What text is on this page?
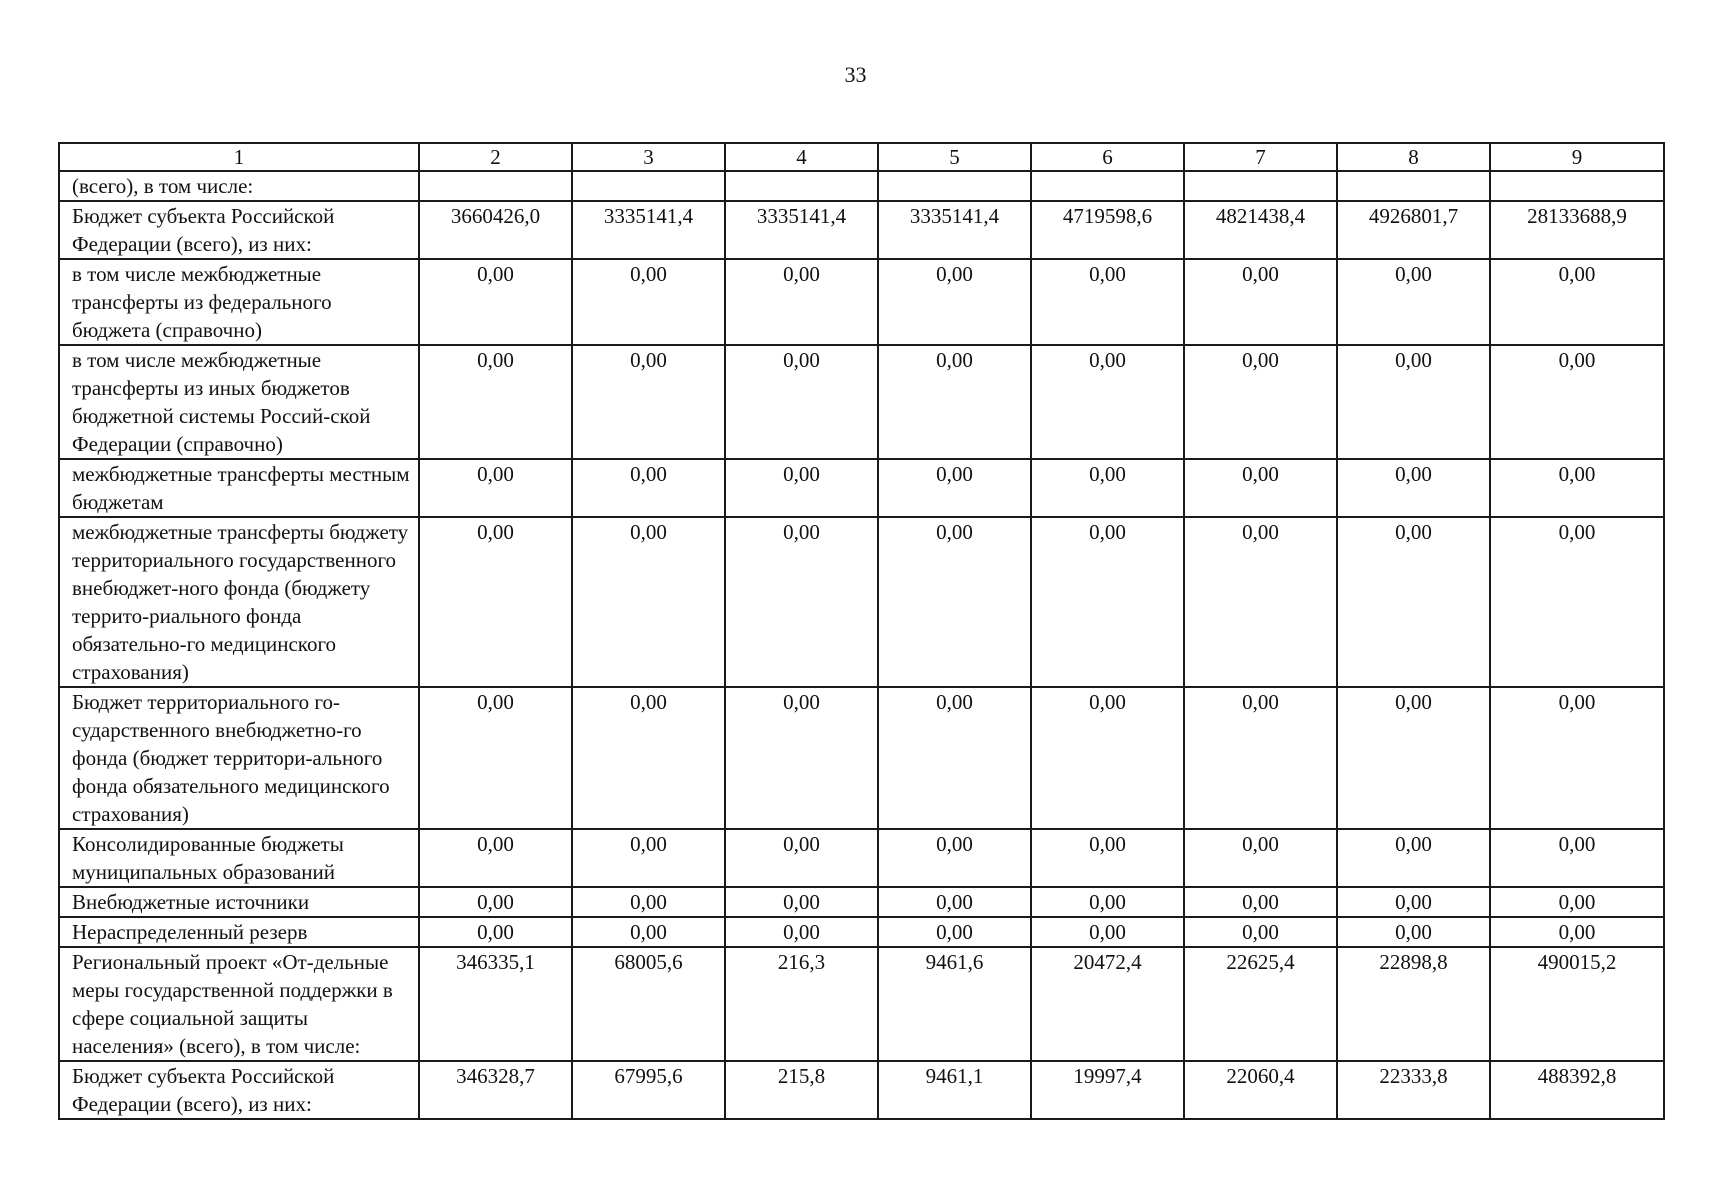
33
1	2	3	4	5	6	7	8	9
(всего), в том числе:								
Бюджет субъекта Российской Федерации (всего), из них:	3660426,0	3335141,4	3335141,4	3335141,4	4719598,6	4821438,4	4926801,7	28133688,9
в том числе межбюджетные трансферты из федерального бюджета (справочно)	0,00	0,00	0,00	0,00	0,00	0,00	0,00	0,00
в том числе межбюджетные трансферты из иных бюджетов бюджетной системы Россий-ской Федерации (справочно)	0,00	0,00	0,00	0,00	0,00	0,00	0,00	0,00
межбюджетные трансферты местным бюджетам	0,00	0,00	0,00	0,00	0,00	0,00	0,00	0,00
межбюджетные трансферты бюджету территориального государственного внебюджет-ного фонда (бюджету террито-риального фонда обязательно-го медицинского страхования)	0,00	0,00	0,00	0,00	0,00	0,00	0,00	0,00
Бюджет территориального го-сударственного внебюджетно-го фонда (бюджет территори-ального фонда обязательного медицинского страхования)	0,00	0,00	0,00	0,00	0,00	0,00	0,00	0,00
Консолидированные бюджеты муниципальных образований	0,00	0,00	0,00	0,00	0,00	0,00	0,00	0,00
Внебюджетные источники	0,00	0,00	0,00	0,00	0,00	0,00	0,00	0,00
Нераспределенный резерв	0,00	0,00	0,00	0,00	0,00	0,00	0,00	0,00
Региональный проект «От-дельные меры государственной поддержки в сфере социальной защиты населения» (всего), в том числе:	346335,1	68005,6	216,3	9461,6	20472,4	22625,4	22898,8	490015,2
Бюджет субъекта Российской Федерации (всего), из них:	346328,7	67995,6	215,8	9461,1	19997,4	22060,4	22333,8	488392,8
